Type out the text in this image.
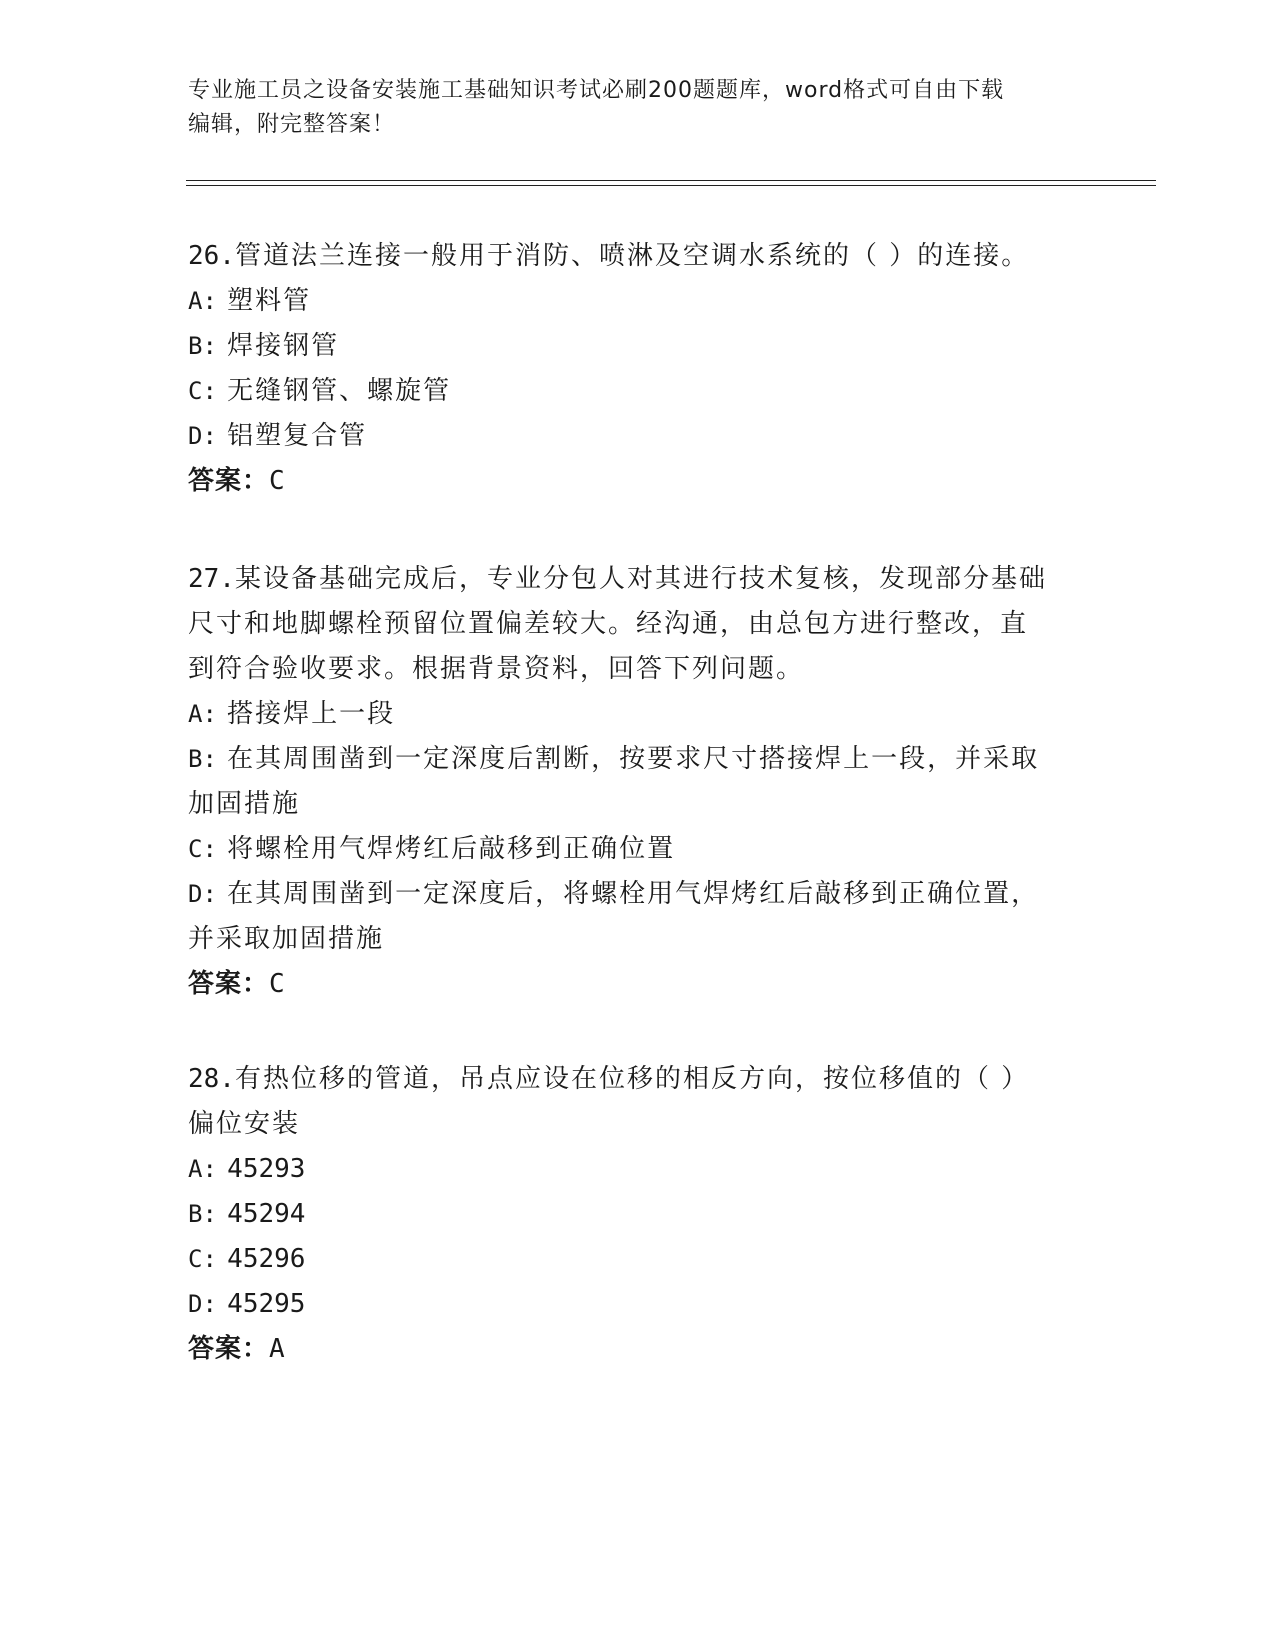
专业施工员之设备安装施工基础知识考试必刷200题题库，word格式可自由下载
编辑，附完整答案！

26.管道法兰连接一般用于消防、喷淋及空调水系统的（ ）的连接。

A: 塑料管

B: 焊接钢管

C: 无缝钢管、螺旋管

D: 铝塑复合管

答案：C

27.某设备基础完成后，专业分包人对其进行技术复核，发现部分基础

尺寸和地脚螺栓预留位置偏差较大。经沟通，由总包方进行整改，直

到符合验收要求。根据背景资料，回答下列问题。

A: 搭接焊上一段

B: 在其周围凿到一定深度后割断，按要求尺寸搭接焊上一段，并采取

加固措施

C: 将螺栓用气焊烤红后敲移到正确位置

D: 在其周围凿到一定深度后，将螺栓用气焊烤红后敲移到正确位置，

并采取加固措施

答案：C

28.有热位移的管道，吊点应设在位移的相反方向，按位移值的（ ）

偏位安装

A: 45293

B: 45294

C: 45296

D: 45295

答案：A
